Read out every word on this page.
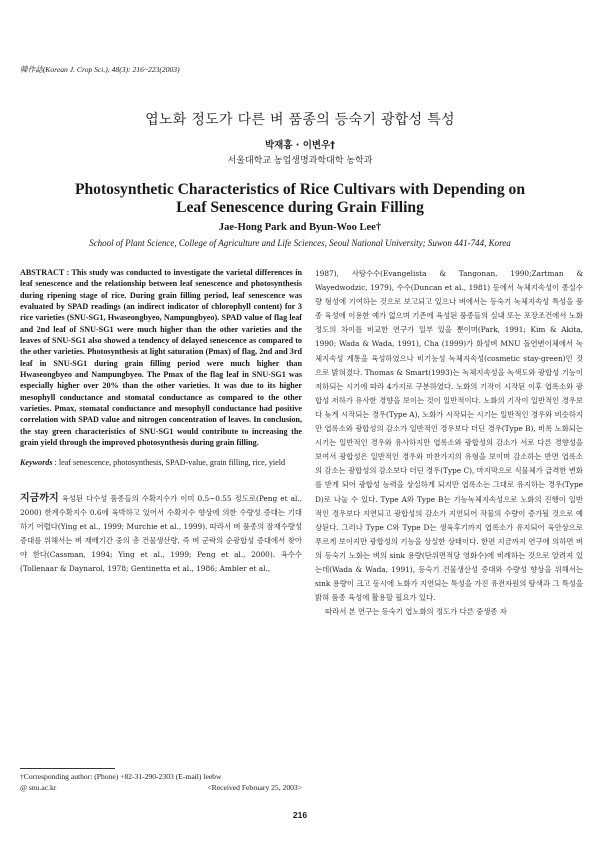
韓作誌(Korean J. Crop Sci.), 48(3): 216~223(2003)
엽노화 정도가 다른 벼 품종의 등숙기 광합성 특성
박재홍 · 이변우†
서울대학교 농업생명과학대학 농학과
Photosynthetic Characteristics of Rice Cultivars with Depending on
Leaf Senescence during Grain Filling
Jae-Hong Park and Byun-Woo Lee†
School of Plant Science, College of Agriculture and Life Sciences, Seoul National University; Suwon 441-744, Korea

ABSTRACT : This study was conducted to investigate the varietal differences in leaf senescence and the relationship between leaf senescence and photosynthesis during ripening stage of rice. During grain filling period, leaf senescence was evaluated by SPAD readings (an indirect indicator of chlorophyll content) for 3 rice varieties (SNU-SG1, Hwaseongbyeo, Nampungbyeo). SPAD value of flag leaf and 2nd leaf of SNU-SG1 were much higher than the other varieties and the leaves of SNU-SG1 also showed a tendency of delayed senescence as compared to the other varieties. Photosynthesis at light saturation (Pmax) of flag, 2nd and 3rd leaf in SNU-SG1 during grain filling period were much higher than Hwaseongbyeo and Nampungbyeo. The Pmax of the flag leaf in SNU-SG1 was especially higher over 20% than the other varieties. It was due to its higher mesophyll conductance and stomatal conductance as compared to the other varieties. Pmax, stomatal conductance and mesophyll conductance had positive correlation with SPAD value and nitrogen concentration of leaves. In conclusion, the stay green characteristics of SNU-SG1 would contribute to increasing the grain yield through the improved photosynthesis during grain filling.

Keywords : leaf senescence, photosynthesis, SPAD-value, grain filling, rice, yield

지금까지 육성된 다수성 품종들의 수확지수가 이미 0.5~0.55 정도로(Peng et al., 2000) 한계수확지수 0.6에 육박하고 있어서 수확지수 향상에 의한 수량성 증대는 기대하기 어렵다(Ying et al., 1999; Murchie et al., 1999). 따라서 벼 품종의 잠재수량성 증대를 위해서는 벼 재배기간 중의 총 건물생산량, 즉 벼 군락의 순광합성 증대에서 찾아야 한다(Cassman, 1994; Ying et al., 1999; Peng et al., 2000). 육수수(Tollenaar & Daynarol, 1978; Gentinetta et al., 1986; Ambler et al.,

1987), 사탕수수(Evangelista & Tangonan, 1990;Zartman & Wayedwodzic, 1979), 수수(Duncan et al., 1981) 등에서 녹체지속성이 종실수량 형성에 기여하는 것으로 보고되고 있으나 벼에서는 등숙기 녹체지속성 특성을 품종 육성에 이용한 예가 없으며 기존에 육성된 품종들의 실내 또는 포장조건에서 노화정도의 차이를 비교한 연구가 일부 있을 뿐이며(Park, 1991; Kim & Akita, 1990; Wada & Wada, 1991), Cha (1999)가 화성벼 MNU 돌연변이체에서 녹체지속성 계통을 육성하였으나 비기능성 녹체지속성(cosmetic stay-green)인 것으로 밝혀졌다. Thomas & Smart(1993)는 녹체지속성을 녹색도와 광합성 기능이 저하되는 시기에 따라 4가지로 구분하였다. 노화의 기작이 시작된 이후 엽록소와 광합성 저하가 유사한 경향을 보이는 것이 일반적이다. 노화의 기작이 일반적인 경우보다 늦게 시작되는 경우(Type A), 노화가 시작되는 시기는 일반적인 경우와 비슷하지만 엽록소와 광합성의 감소가 일반적인 경우보다 더딘 경우(Type B), 비록 노화되는 시기는 일반적인 경우와 유사하지만 엽록소와 광합성의 감소가 서로 다른 경향성을 보여서 광합성은 일반적인 경우와 마찬가지의 유형을 보이며 감소하는 반면 엽록소의 감소는 광합성의 감소보다 더딘 경우(Type C), 마지막으로 식물체가 급격한 변화를 받게 되어 광합성 능력을 상실하게 되지만 엽록소는 그대로 유지하는 경우(Type D)로 나눌 수 있다. Type A와 Type B는 기능녹체지속성으로 노화의 진행이 일반적인 경우보다 지연되고 광합성의 감소가 지연되어 작물의 수량이 증가될 것으로 예상된다. 그러나 Type C와 Type D는 생육후기까지 엽록소가 유지되어 육안상으로 푸르게 보이지만 광합성의 기능을 상실한 상태이다. 한편 지금까지 연구에 의하면 벼의 등숙기 노화는 벼의 sink 용량(단위면적당 영화수)에 비례하는 것으로 알려져 있는데(Wada & Wada, 1991), 등숙기 건물생산성 증대와 수량성 향상을 위해서는 sink 용량이 크고 동시에 노화가 지연되는 특성을 가진 유전자원의 탐색과 그 특성을 밝혀 품종 육성에 활용할 필요가 있다.

따라서 본 연구는 등숙기 엽노화의 정도가 다른 중생종 자

†Corresponding author: (Phone) +82-31-290-2303 (E-mail) leebw
@ snu.ac.kr	<Received February 25, 2003>
216
